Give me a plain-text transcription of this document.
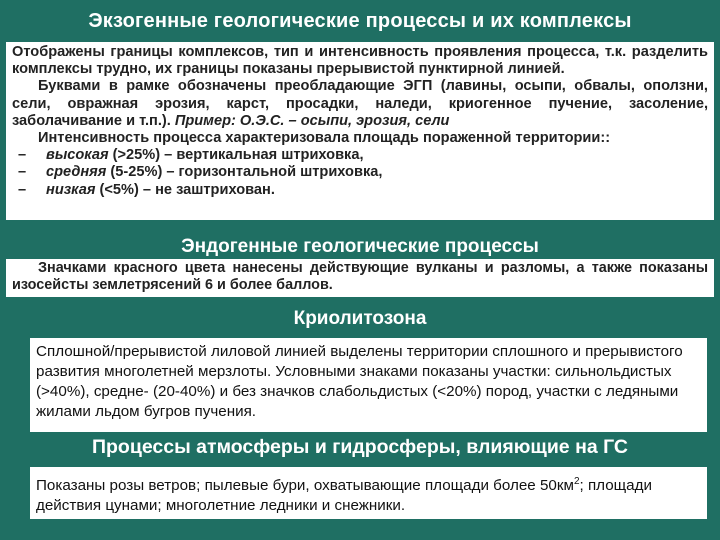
Экзогенные геологические процессы и их комплексы

Отображены границы комплексов, тип и интенсивность проявления процесса, т.к. разделить комплексы трудно, их границы показаны прерывистой пунктирной линией.

Буквами в рамке обозначены преобладающие ЭГП (лавины, осыпи, обвалы, оползни, сели, овражная эрозия, карст, просадки, наледи, криогенное пучение, засоление, заболачивание и т.п.). Пример: О.Э.С. – осыпи, эрозия, сели

Интенсивность процесса характеризовала площадь пораженной территории::

– высокая (>25%) – вертикальная штриховка,
– средняя (5-25%) – горизонтальной штриховка,
– низкая (<5%) – не заштрихован.
Эндогенные геологические процессы

Значками красного цвета нанесены действующие вулканы и разломы, а также показаны изосейсты землетрясений 6 и более баллов.

Криолитозона

Сплошной/прерывистой лиловой линией выделены территории сплошного и прерывистого развития многолетней мерзлоты. Условными знаками показаны участки: сильнольдистых (>40%), средне- (20-40%) и без значков слабольдистых (<20%) пород, участки с ледяными жилами льдом бугров пучения.

Процессы атмосферы и гидросферы, влияющие на ГС

Показаны розы ветров; пылевые бури, охватывающие площади более $50км^2$; площади действия цунами; многолетние ледники и снежники.
